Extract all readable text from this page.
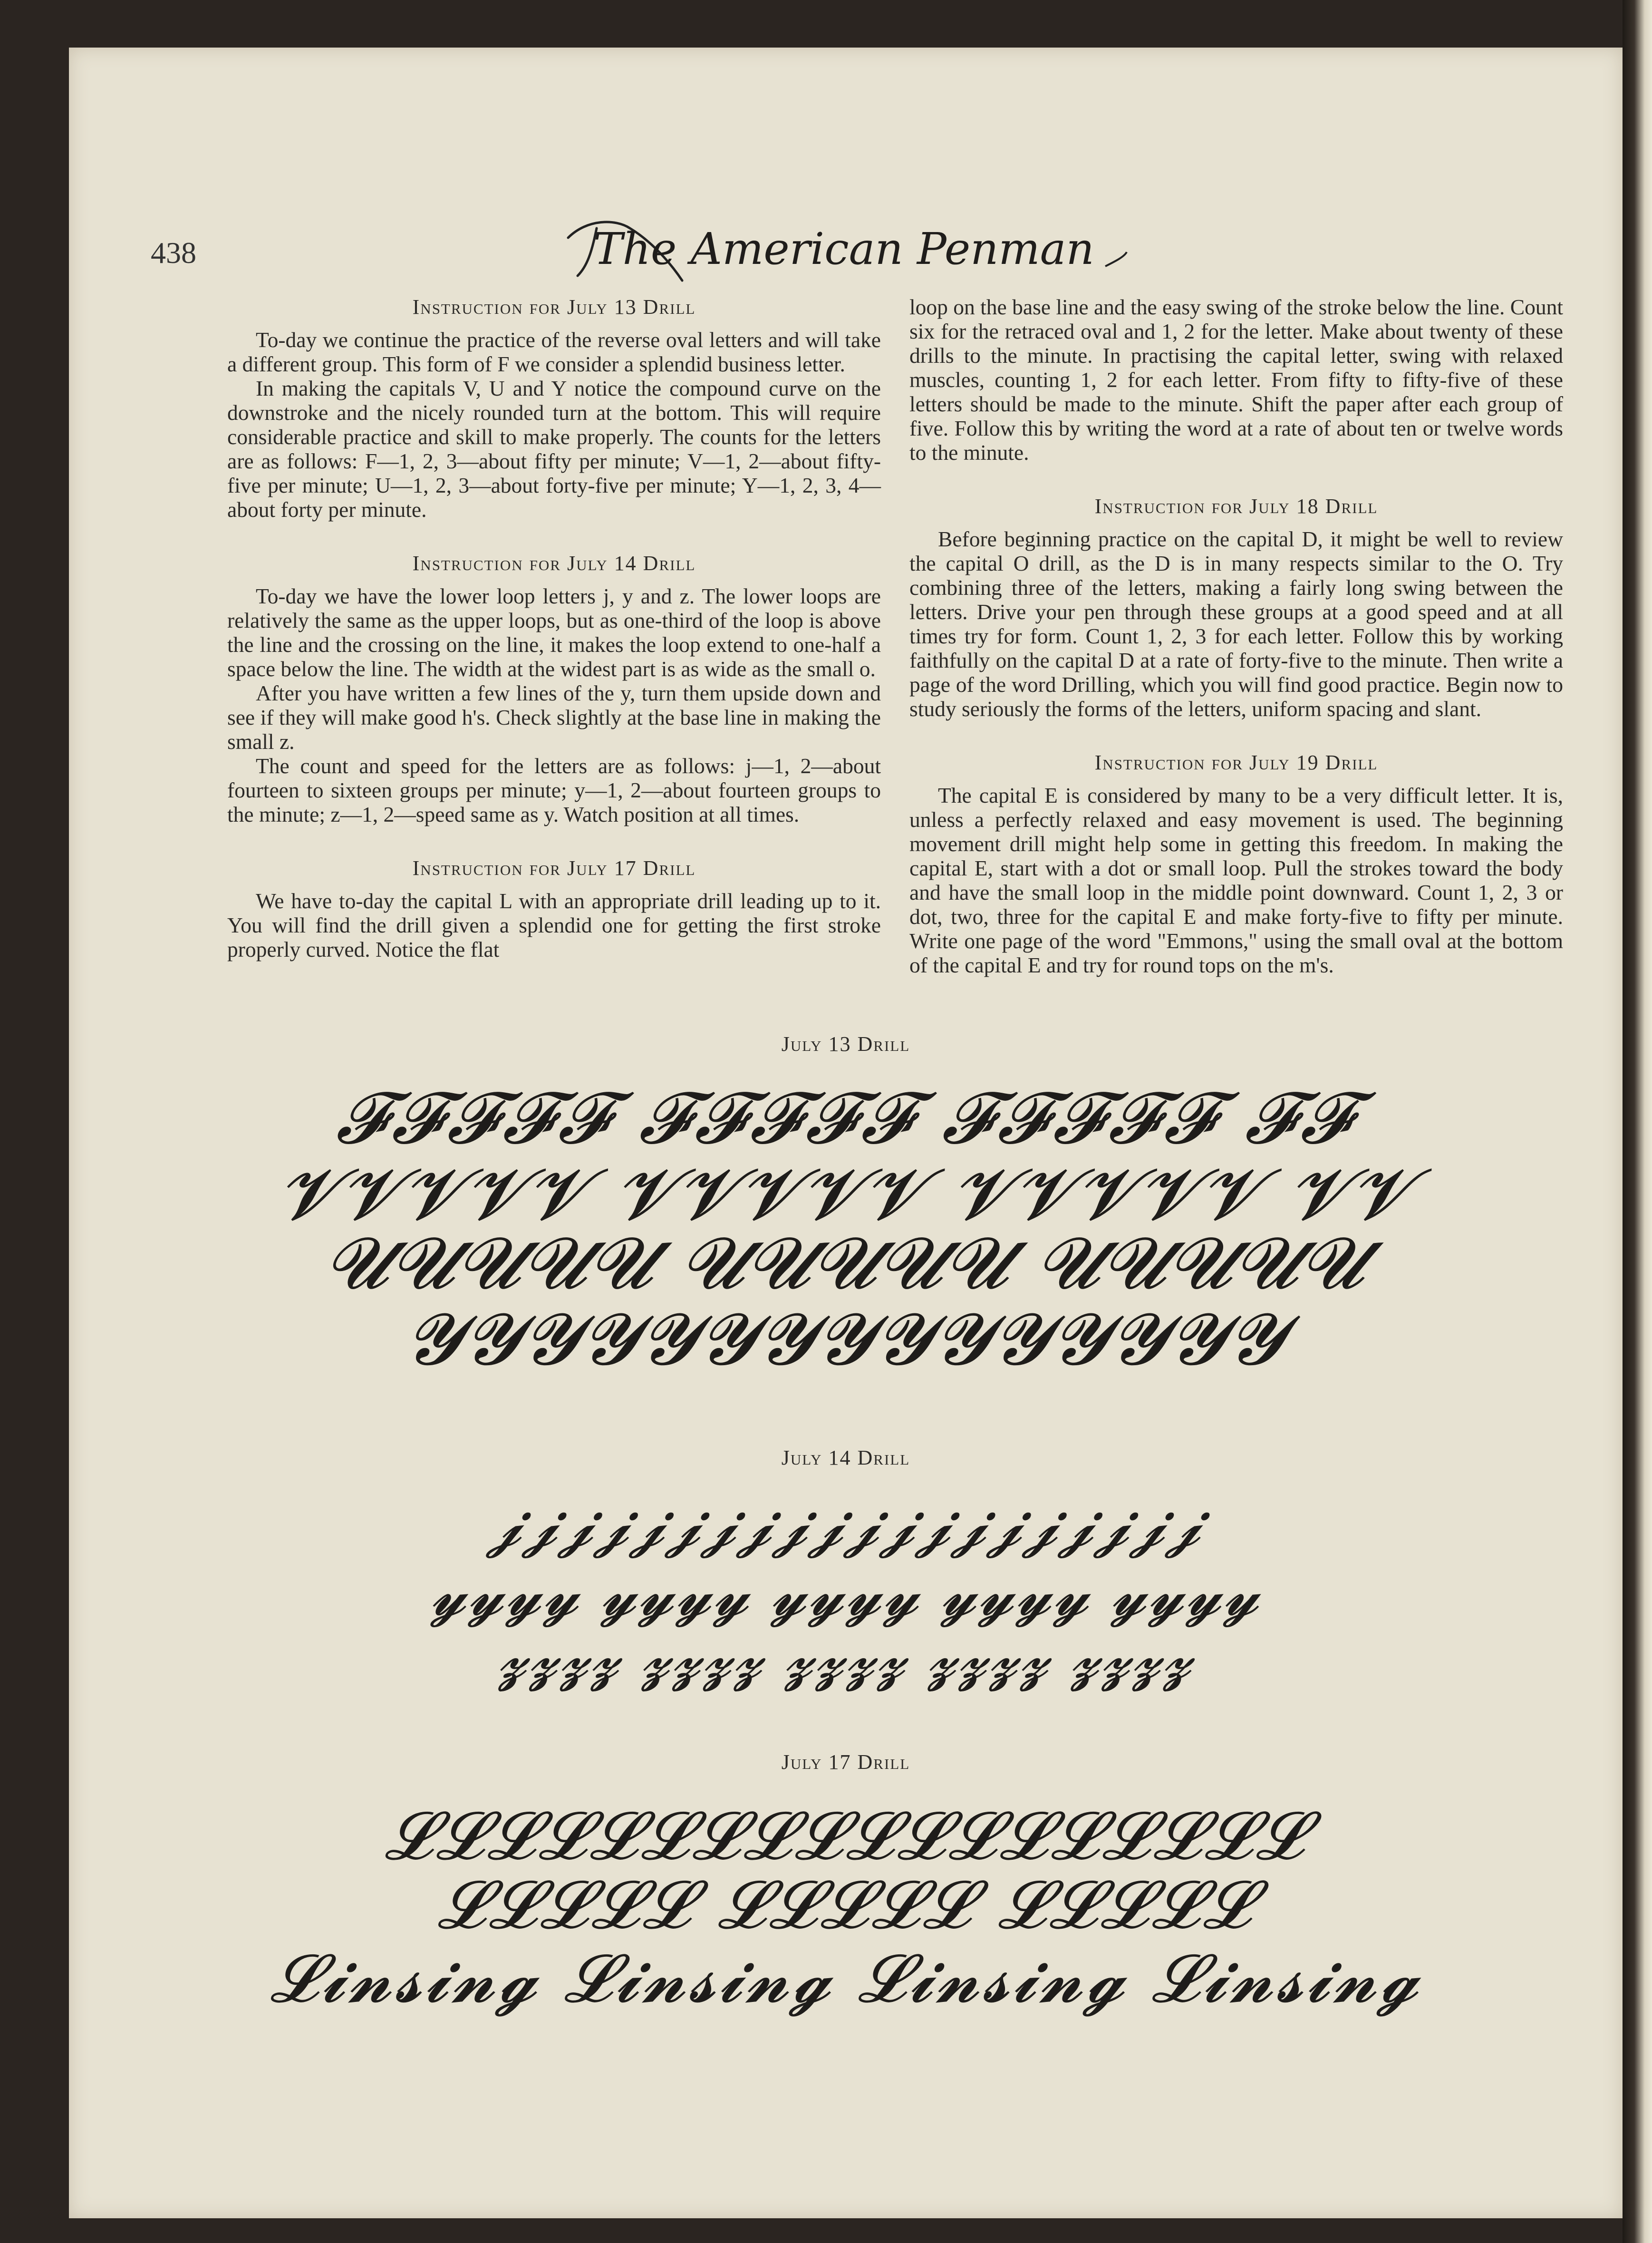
438	The American Penman
Instruction for July 13 Drill

To-day we continue the practice of the reverse oval letters and will take a different group. This form of F we consider a splendid business letter.

In making the capitals V, U and Y notice the compound curve on the downstroke and the nicely rounded turn at the bottom. This will require considerable practice and skill to make properly. The counts for the letters are as follows: F—1, 2, 3—about fifty per minute; V—1, 2—about fifty-five per minute; U—1, 2, 3—about forty-five per minute; Y—1, 2, 3, 4—about forty per minute.

Instruction for July 14 Drill

To-day we have the lower loop letters j, y and z. The lower loops are relatively the same as the upper loops, but as one-third of the loop is above the line and the crossing on the line, it makes the loop extend to one-half a space below the line. The width at the widest part is as wide as the small o.

After you have written a few lines of the y, turn them upside down and see if they will make good h's. Check slightly at the base line in making the small z.

The count and speed for the letters are as follows: j—1, 2—about fourteen to sixteen groups per minute; y—1, 2—about fourteen groups to the minute; z—1, 2—speed same as y. Watch position at all times.

Instruction for July 17 Drill

We have to-day the capital L with an appropriate drill leading up to it. You will find the drill given a splendid one for getting the first stroke properly curved. Notice the flat

loop on the base line and the easy swing of the stroke below the line. Count six for the retraced oval and 1, 2 for the letter. Make about twenty of these drills to the minute. In practising the capital letter, swing with relaxed muscles, counting 1, 2 for each letter. From fifty to fifty-five of these letters should be made to the minute. Shift the paper after each group of five. Follow this by writing the word at a rate of about ten or twelve words to the minute.

Instruction for July 18 Drill

Before beginning practice on the capital D, it might be well to review the capital O drill, as the D is in many respects similar to the O. Try combining three of the letters, making a fairly long swing between the letters. Drive your pen through these groups at a good speed and at all times try for form. Count 1, 2, 3 for each letter. Follow this by working faithfully on the capital D at a rate of forty-five to the minute. Then write a page of the word Drilling, which you will find good practice. Begin now to study seriously the forms of the letters, uniform spacing and slant.

Instruction for July 19 Drill

The capital E is considered by many to be a very difficult letter. It is, unless a perfectly relaxed and easy movement is used. The beginning movement drill might help some in getting this freedom. In making the capital E, start with a dot or small loop. Pull the strokes toward the body and have the small loop in the middle point downward. Count 1, 2, 3 or dot, two, three for the capital E and make forty-five to fifty per minute. Write one page of the word "Emmons," using the small oval at the bottom of the capital E and try for round tops on the m's.

July 13 Drill
𝓕𝓕𝓕𝓕𝓕 𝓕𝓕𝓕𝓕𝓕 𝓕𝓕𝓕𝓕𝓕 𝓕𝓕
𝓥𝓥𝓥𝓥𝓥 𝓥𝓥𝓥𝓥𝓥 𝓥𝓥𝓥𝓥𝓥 𝓥𝓥
𝓤𝓤𝓤𝓤𝓤 𝓤𝓤𝓤𝓤𝓤 𝓤𝓤𝓤𝓤𝓤
𝓨𝓨𝓨𝓨𝓨𝓨𝓨𝓨𝓨𝓨𝓨𝓨𝓨𝓨𝓨
July 14 Drill
𝓳𝓳𝓳𝓳𝓳𝓳𝓳𝓳𝓳𝓳𝓳𝓳𝓳𝓳𝓳𝓳𝓳𝓳𝓳𝓳
𝔂𝔂𝔂𝔂 𝔂𝔂𝔂𝔂 𝔂𝔂𝔂𝔂 𝔂𝔂𝔂𝔂 𝔂𝔂𝔂𝔂
𝔃𝔃𝔃𝔃 𝔃𝔃𝔃𝔃 𝔃𝔃𝔃𝔃 𝔃𝔃𝔃𝔃 𝔃𝔃𝔃𝔃
July 17 Drill
𝓛𝓛𝓛𝓛𝓛𝓛𝓛𝓛𝓛𝓛𝓛𝓛𝓛𝓛𝓛𝓛𝓛𝓛
𝓛𝓛𝓛𝓛𝓛 𝓛𝓛𝓛𝓛𝓛 𝓛𝓛𝓛𝓛𝓛
𝓛𝓲𝓷𝓼𝓲𝓷𝓰 𝓛𝓲𝓷𝓼𝓲𝓷𝓰 𝓛𝓲𝓷𝓼𝓲𝓷𝓰 𝓛𝓲𝓷𝓼𝓲𝓷𝓰
